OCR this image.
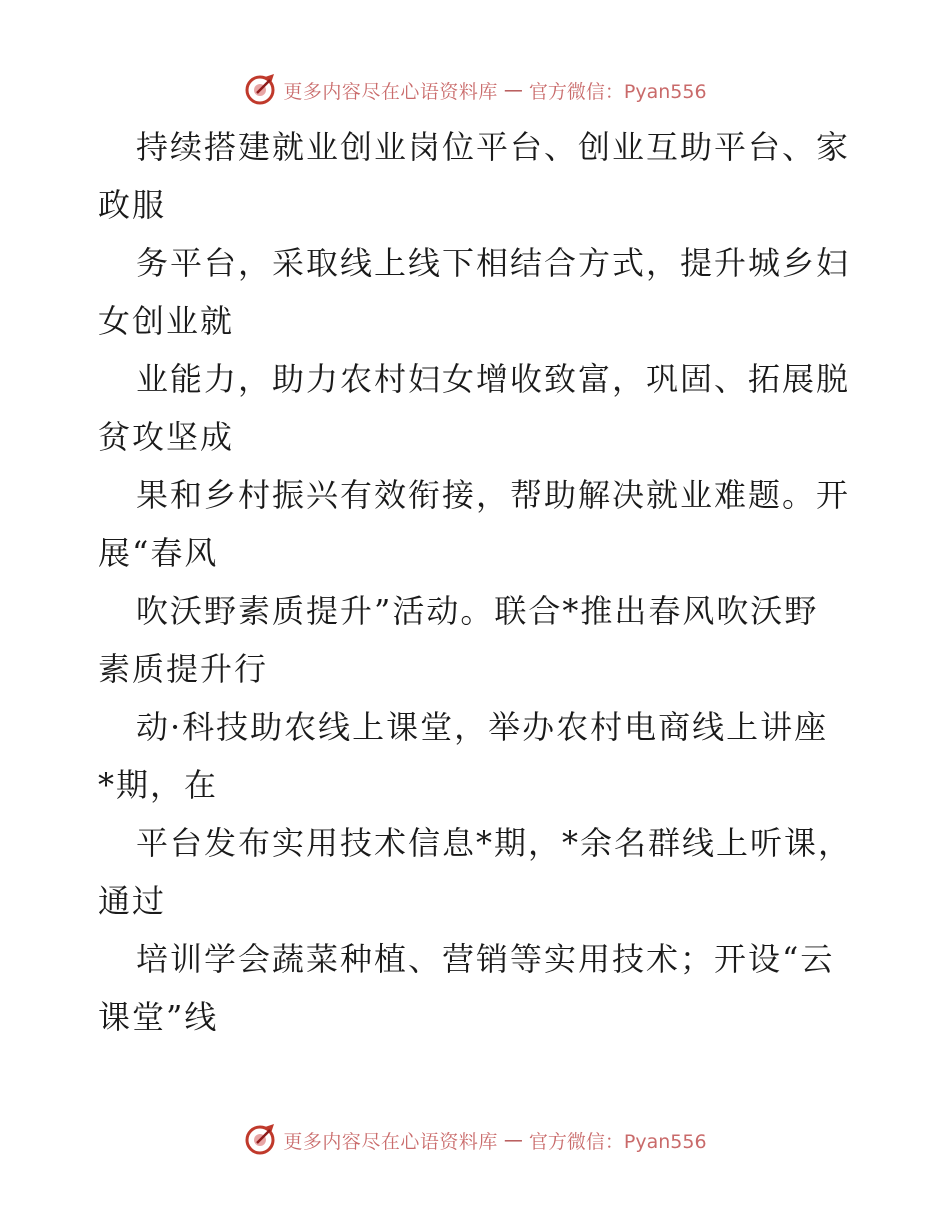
更多内容尽在心语资料库 — 官方微信：Pyan556
持续搭建就业创业岗位平台、创业互助平台、家
政服
务平台，采取线上线下相结合方式，提升城乡妇
女创业就
业能力，助力农村妇女增收致富，巩固、拓展脱
贫攻坚成
果和乡村振兴有效衔接，帮助解决就业难题。开
展“春风
吹沃野素质提升”活动。联合*推出春风吹沃野
素质提升行
动·科技助农线上课堂，举办农村电商线上讲座
*期，在
平台发布实用技术信息*期，*余名群线上听课，
通过
培训学会蔬菜种植、营销等实用技术；开设“云
课堂”线
更多内容尽在心语资料库 — 官方微信：Pyan556
